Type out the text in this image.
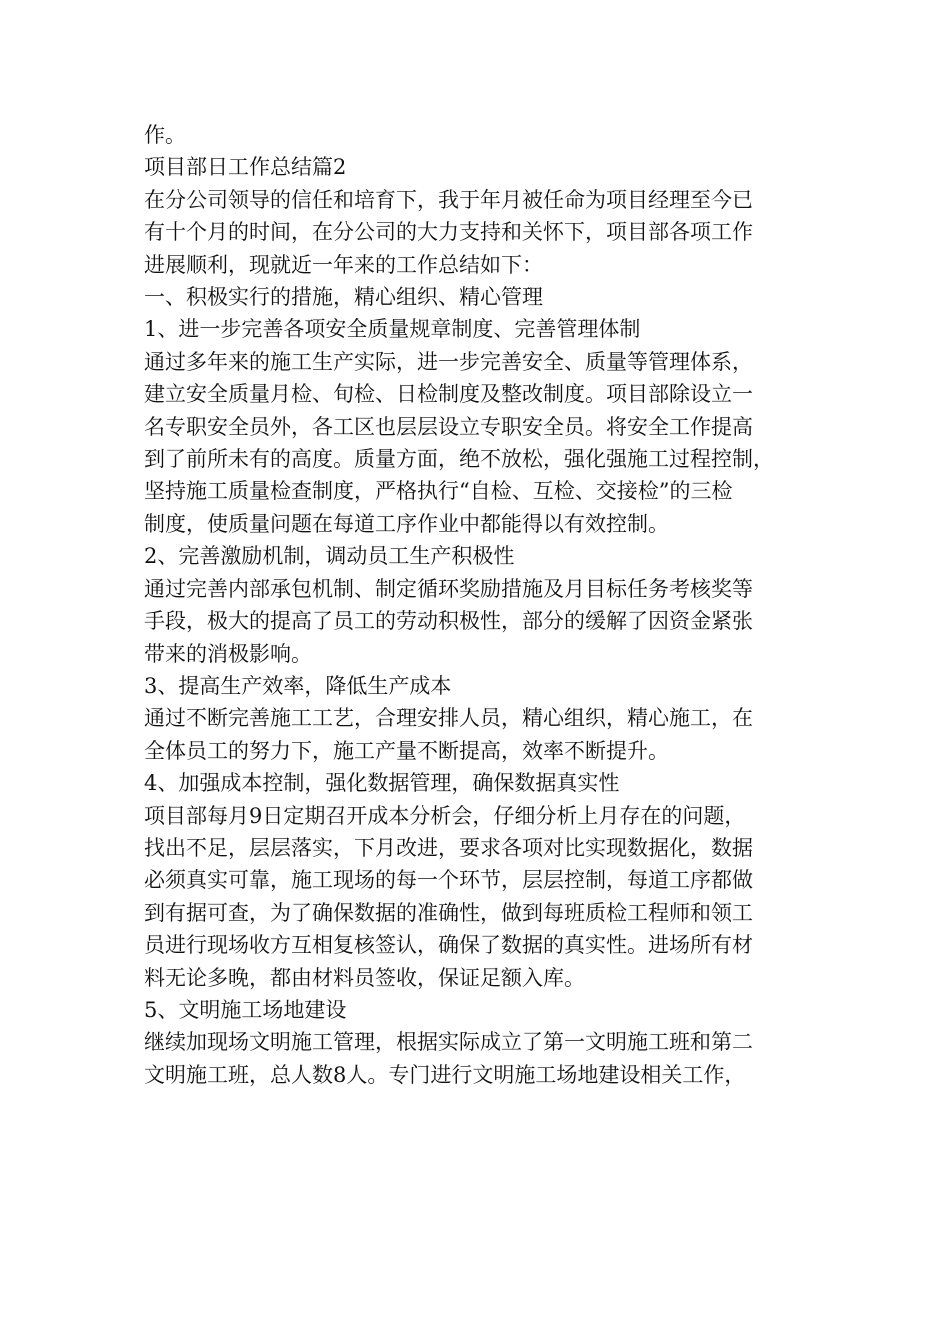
作。
项目部日工作总结篇2
在分公司领导的信任和培育下，我于年月被任命为项目经理至今已
有十个月的时间，在分公司的大力支持和关怀下，项目部各项工作
进展顺利，现就近一年来的工作总结如下：
一、积极实行的措施，精心组织、精心管理
1、进一步完善各项安全质量规章制度、完善管理体制
通过多年来的施工生产实际，进一步完善安全、质量等管理体系，
建立安全质量月检、旬检、日检制度及整改制度。项目部除设立一
名专职安全员外，各工区也层层设立专职安全员。将安全工作提高
到了前所未有的高度。质量方面，绝不放松，强化强施工过程控制，
坚持施工质量检查制度，严格执行“自检、互检、交接检”的三检
制度，使质量问题在每道工序作业中都能得以有效控制。
2、完善激励机制，调动员工生产积极性
通过完善内部承包机制、制定循环奖励措施及月目标任务考核奖等
手段，极大的提高了员工的劳动积极性，部分的缓解了因资金紧张
带来的消极影响。
3、提高生产效率，降低生产成本
通过不断完善施工工艺，合理安排人员，精心组织，精心施工，在
全体员工的努力下，施工产量不断提高，效率不断提升。
4、加强成本控制，强化数据管理，确保数据真实性
项目部每月9日定期召开成本分析会，仔细分析上月存在的问题，
找出不足，层层落实，下月改进，要求各项对比实现数据化，数据
必须真实可靠，施工现场的每一个环节，层层控制，每道工序都做
到有据可查，为了确保数据的准确性，做到每班质检工程师和领工
员进行现场收方互相复核签认，确保了数据的真实性。进场所有材
料无论多晚，都由材料员签收，保证足额入库。
5、文明施工场地建设
继续加现场文明施工管理，根据实际成立了第一文明施工班和第二
文明施工班，总人数8人。专门进行文明施工场地建设相关工作，
